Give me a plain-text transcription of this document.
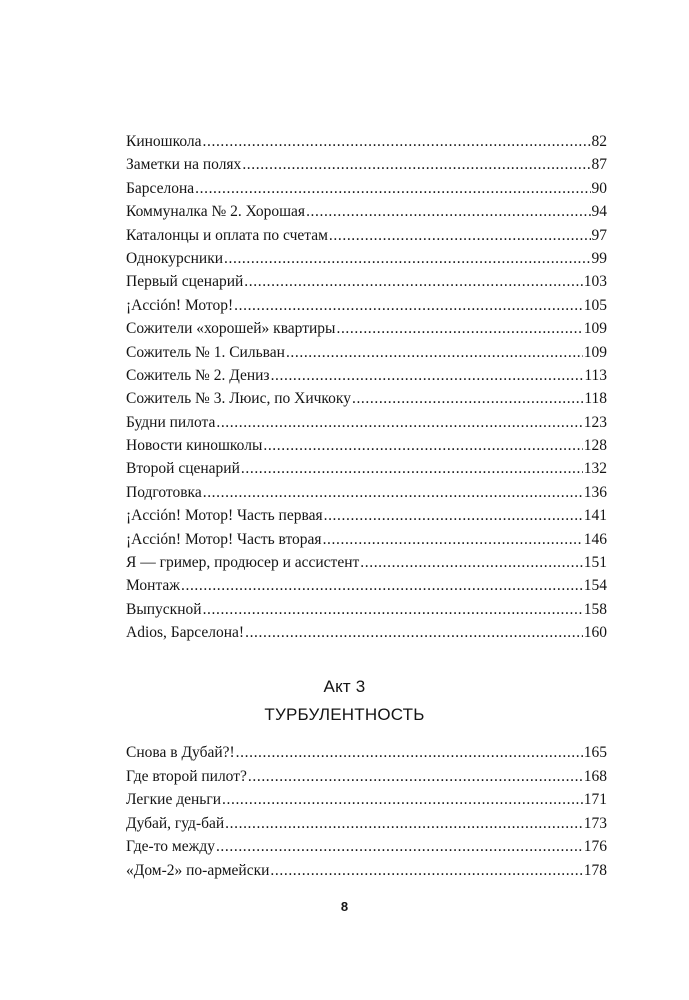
Киношкола .....	82
Заметки на полях .....	87
Барселона .....	90
Коммуналка № 2. Хорошая .....	94
Каталонцы и оплата по счетам .....	97
Однокурсники .....	99
Первый сценарий .....	103
¡Acción! Мотор! .....	105
Сожители «хорошей» квартиры .....	109
Сожитель № 1. Сильван .....	109
Сожитель № 2. Дениз .....	113
Сожитель № 3. Люис, по Хичкоку .....	118
Будни пилота .....	123
Новости киношколы .....	128
Второй сценарий .....	132
Подготовка .....	136
¡Acción! Мотор! Часть первая .....	141
¡Acción! Мотор! Часть вторая .....	146
Я — гример, продюсер и ассистент .....	151
Монтаж .....	154
Выпускной .....	158
Adios, Барселона! .....	160
Акт 3
ТУРБУЛЕНТНОСТЬ
Снова в Дубай?! .....	165
Где второй пилот? .....	168
Легкие деньги .....	171
Дубай, гуд-бай .....	173
Где-то между .....	176
«Дом-2» по-армейски .....	178
8
